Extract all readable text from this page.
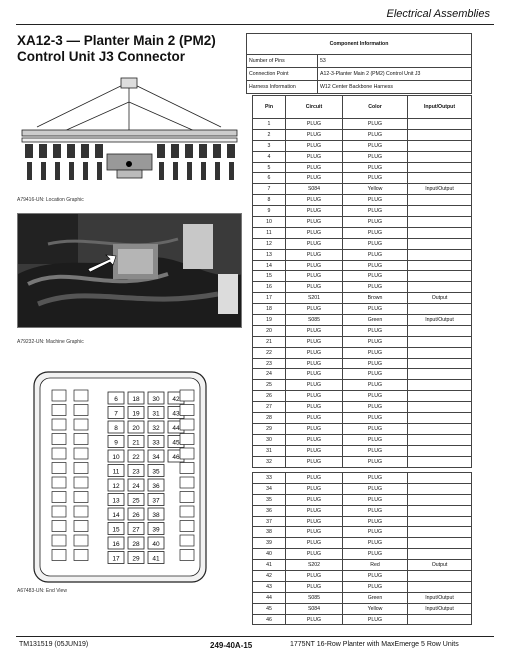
Electrical Assemblies
XA12-3 — Planter Main 2 (PM2) Control Unit J3 Connector
A79416-UN: Location Graphic
A79232-UN: Machine Graphic
6 18 30 42
7 19 31 43
8 20 32 44
9 21 33 45
10 22 34 46
11 23 35
12 24 36
13 25 37
14 26 38
15 27 39
16 28 40
17 29 41
A67483-UN: End View
Component Information	
Number of Pins	53
Connection Point	A12-3-Planter Main 2 (PM2) Control Unit J3
Harness Information	W12 Center Backbone Harness
Pin	Circuit	Color	Input/Output
1	PLUG	PLUG	
2	PLUG	PLUG	
3	PLUG	PLUG	
4	PLUG	PLUG	
5	PLUG	PLUG	
6	PLUG	PLUG	
7	S084	Yellow	Input/Output
8	PLUG	PLUG	
9	PLUG	PLUG	
10	PLUG	PLUG	
11	PLUG	PLUG	
12	PLUG	PLUG	
13	PLUG	PLUG	
14	PLUG	PLUG	
15	PLUG	PLUG	
16	PLUG	PLUG	
17	S201	Brown	Output
18	PLUG	PLUG	
19	S085	Green	Input/Output
20	PLUG	PLUG	
21	PLUG	PLUG	
22	PLUG	PLUG	
23	PLUG	PLUG	
24	PLUG	PLUG	
25	PLUG	PLUG	
26	PLUG	PLUG	
27	PLUG	PLUG	
28	PLUG	PLUG	
29	PLUG	PLUG	
30	PLUG	PLUG	
31	PLUG	PLUG	
32	PLUG	PLUG	
33	PLUG	PLUG	
34	PLUG	PLUG	
35	PLUG	PLUG	
36	PLUG	PLUG	
37	PLUG	PLUG	
38	PLUG	PLUG	
39	PLUG	PLUG	
40	PLUG	PLUG	
41	S202	Red	Output
42	PLUG	PLUG	
43	PLUG	PLUG	
44	S085	Green	Input/Output
45	S084	Yellow	Input/Output
46	PLUG	PLUG	
TM131519 (05JUN19)	249-40A-15	1775NT 16-Row Planter with MaxEmerge 5 Row Units
